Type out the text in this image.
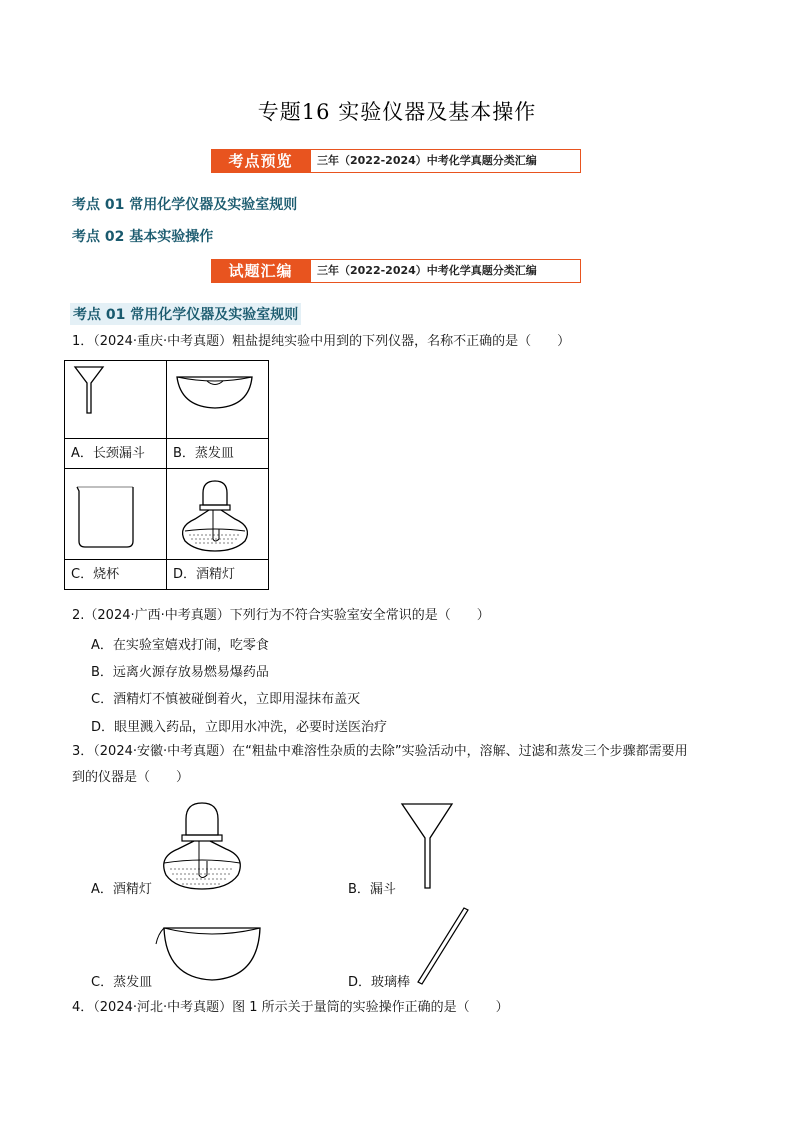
专题16 实验仪器及基本操作
考点预览	三年（2022-2024）中考化学真题分类汇编
考点 01 常用化学仪器及实验室规则
考点 02 基本实验操作
试题汇编	三年（2022-2024）中考化学真题分类汇编
考点 01 常用化学仪器及实验室规则
1．（2024·重庆·中考真题）粗盐提纯实验中用到的下列仪器，名称不正确的是（　　）

A．长颈漏斗	B．蒸发皿

C．烧杯	D．酒精灯
2.（2024·广西·中考真题）下列行为不符合实验室安全常识的是（　　）
A．在实验室嬉戏打闹，吃零食
B．远离火源存放易燃易爆药品
C．酒精灯不慎被碰倒着火，立即用湿抹布盖灭
D．眼里溅入药品，立即用水冲洗，必要时送医治疗
3．（2024·安徽·中考真题）在“粗盐中难溶性杂质的去除”实验活动中，溶解、过滤和蒸发三个步骤都需要用
到的仪器是（　　）
A．酒精灯	B．漏斗
C．蒸发皿	D．玻璃棒
4．（2024·河北·中考真题）图 1 所示关于量筒的实验操作正确的是（　　）
